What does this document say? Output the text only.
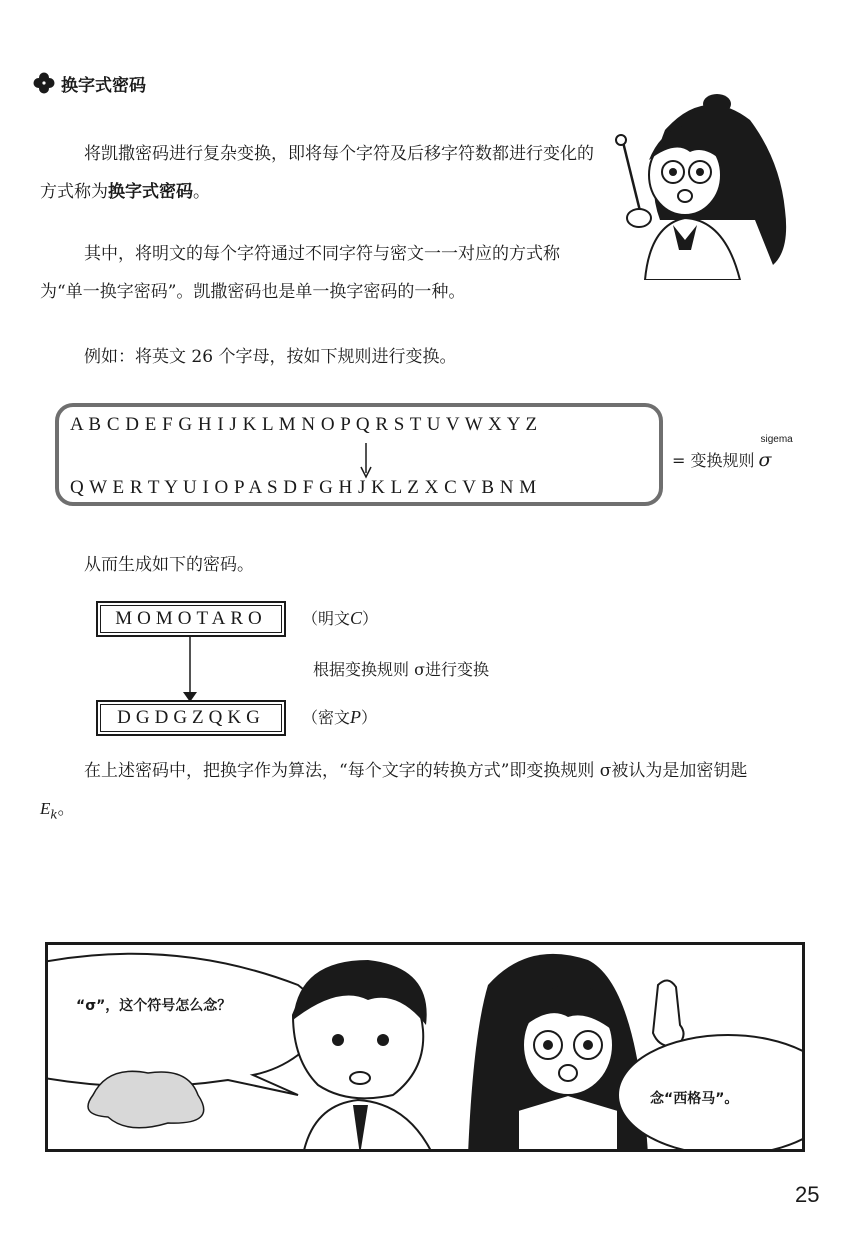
换字式密码
将凯撒密码进行复杂变换，即将每个字符及后移字符数都进行变化的方式称为换字式密码。
其中，将明文的每个字符通过不同字符与密文一一对应的方式称为“单一换字密码”。凯撒密码也是单一换字密码的一种。
例如：将英文 26 个字母，按如下规则进行变换。
A B C D E F G H I J K L M N O P Q R S T U V W X Y Z
Q W E R T Y U I O P A S D F G H J K L Z X C V B N M
= 变换规则
sigema
σ
从而生成如下的密码。
MOMOTARO	（明文C）
根据变换规则 σ进行变换
DGDGZQKG	（密文P）
在上述密码中，把换字作为算法，“每个文字的转换方式”即变换规则 σ被认为是加密钥匙
$E_k$。
“σ”，这个符号怎么念？
念“西格马”。
25
